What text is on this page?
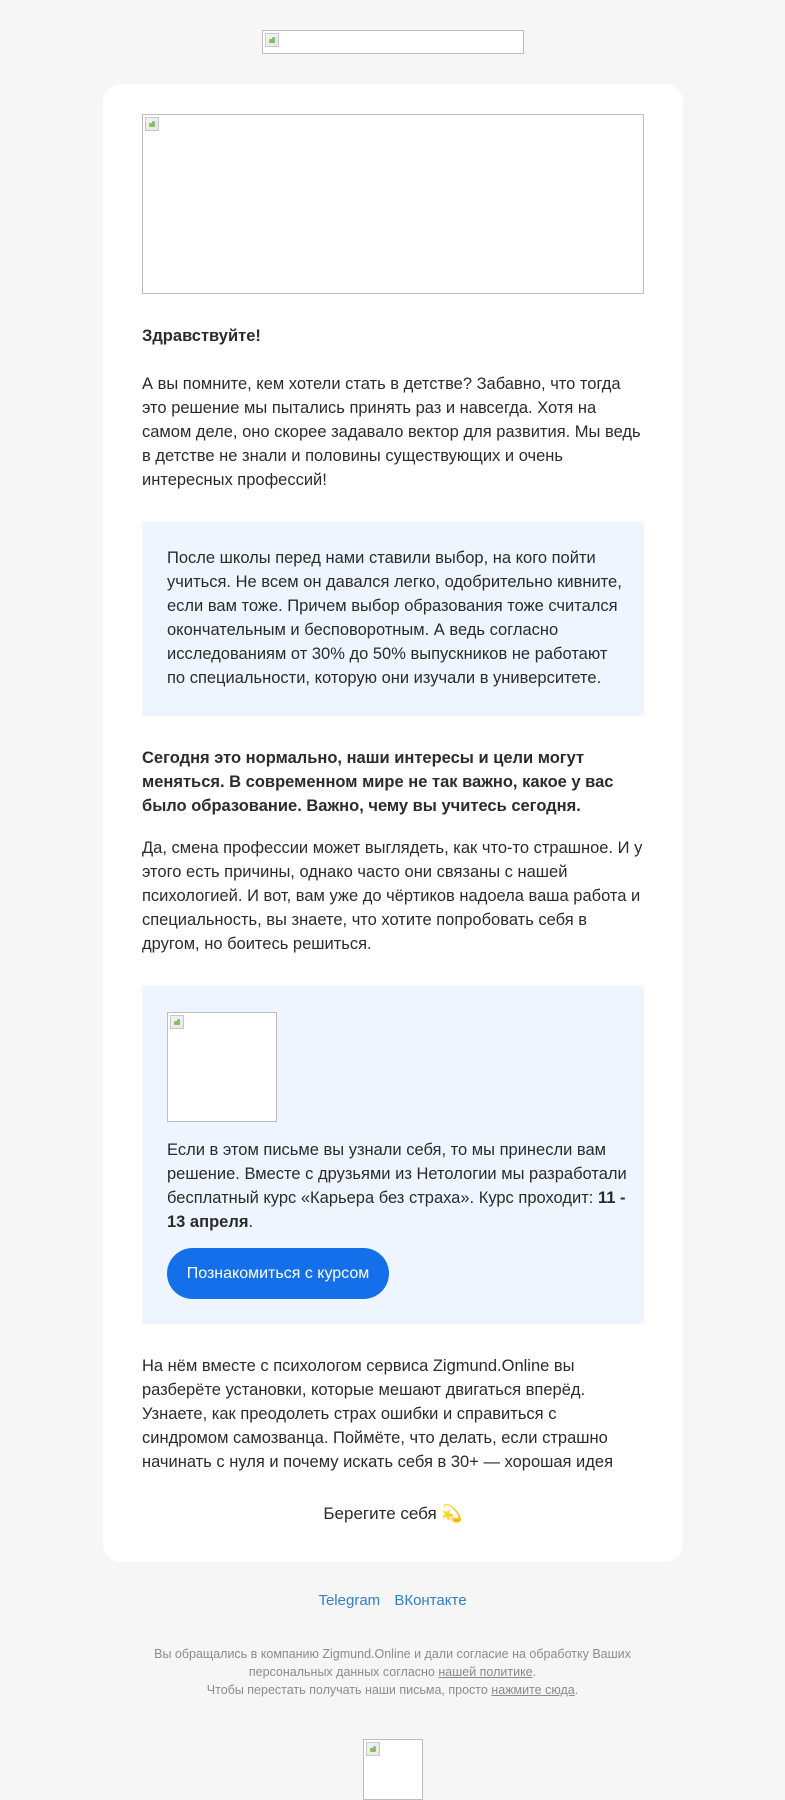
Здравствуйте!

А вы помните, кем хотели стать в детстве? Забавно, что тогда это решение мы пытались принять раз и навсегда. Хотя на самом деле, оно скорее задавало вектор для развития. Мы ведь в детстве не знали и половины существующих и очень интересных профессий!

После школы перед нами ставили выбор, на кого пойти учиться. Не всем он давался легко, одобрительно кивните, если вам тоже. Причем выбор образования тоже считался окончательным и бесповоротным. А ведь согласно исследованиям от 30% до 50% выпускников не работают по специальности, которую они изучали в университете.

Сегодня это нормально, наши интересы и цели могут меняться. В современном мире не так важно, какое у вас было образование. Важно, чему вы учитесь сегодня.

Да, смена профессии может выглядеть, как что-то страшное. И у этого есть причины, однако часто они связаны с нашей психологией. И вот, вам уже до чёртиков надоела ваша работа и специальность, вы знаете, что хотите попробовать себя в другом, но боитесь решиться.

Если в этом письме вы узнали себя, то мы принесли вам решение. Вместе с друзьями из Нетологии мы разработали бесплатный курс «Карьера без страха». Курс проходит: 11 - 13 апреля.

Познакомиться с курсом

На нём вместе с психологом сервиса Zigmund.Online вы разберёте установки, которые мешают двигаться вперёд. Узнаете, как преодолеть страх ошибки и справиться с синдромом самозванца. Поймёте, что делать, если страшно начинать с нуля и почему искать себя в 30+ — хорошая идея

Берегите себя 💫

Telegram ВКонтакте
Вы обращались в компанию Zigmund.Online и дали согласие на обработку Ваших персональных данных согласно нашей политике.
Чтобы перестать получать наши письма, просто нажмите сюда.
